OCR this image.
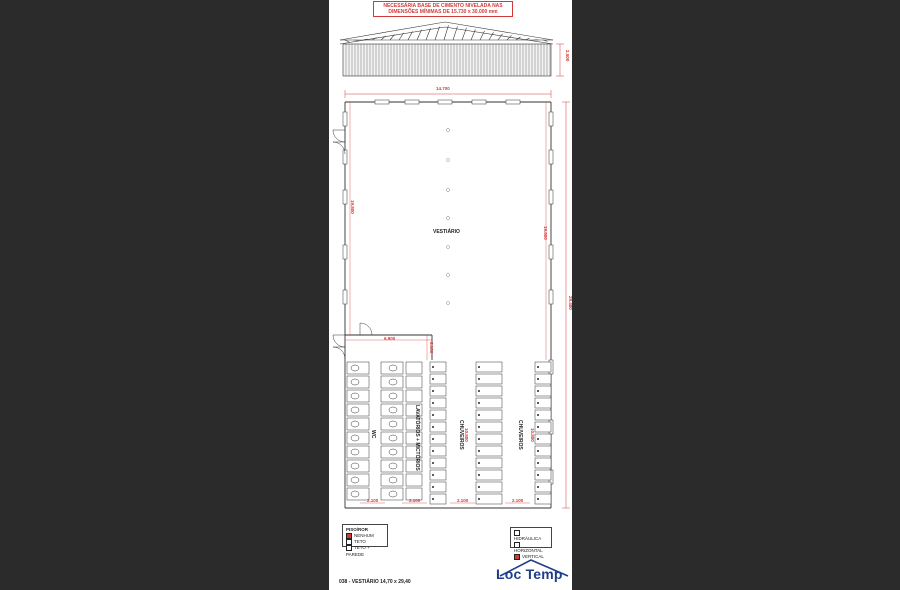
NECESSÁRIA BASE DE CIMENTO NIVELADA NAS
DIMENSÕES MÍNIMAS DE 15.730 x 30.000 mm
14.700
2.500
29.400
19.800
19.800
6.900
2.100
10.800	10.800
2.100	2.100	2.100	2.100
VESTIÁRIO
WC	LAVATÓRIOS + MICTÓRIOS	CHUVEIROS	CHUVEIROS
PISO/ROR
NENHUM
TETO
TETO + PAREDE
HIDRÁULICA
HORIZONTAL
VERTICAL
038 - VESTIÁRIO 14,70 x 29,40	Loc Temp
